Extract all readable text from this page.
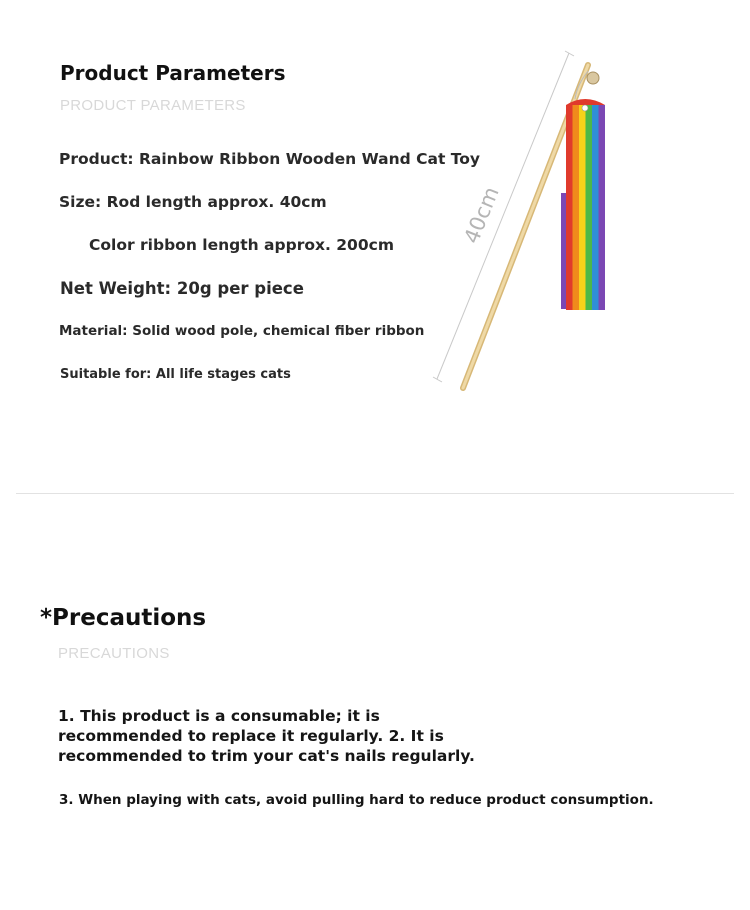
Product Parameters
PRODUCT PARAMETERS
Product: Rainbow Ribbon Wooden Wand Cat Toy
Size: Rod length approx. 40cm
Color ribbon length approx. 200cm
Net Weight: 20g per piece
Material: Solid wood pole, chemical fiber ribbon
Suitable for: All life stages cats
40cm
*Precautions
PRECAUTIONS
1. This product is a consumable; it is
recommended to replace it regularly. 2. It is
recommended to trim your cat's nails regularly.
3. When playing with cats, avoid pulling hard to reduce product consumption.
